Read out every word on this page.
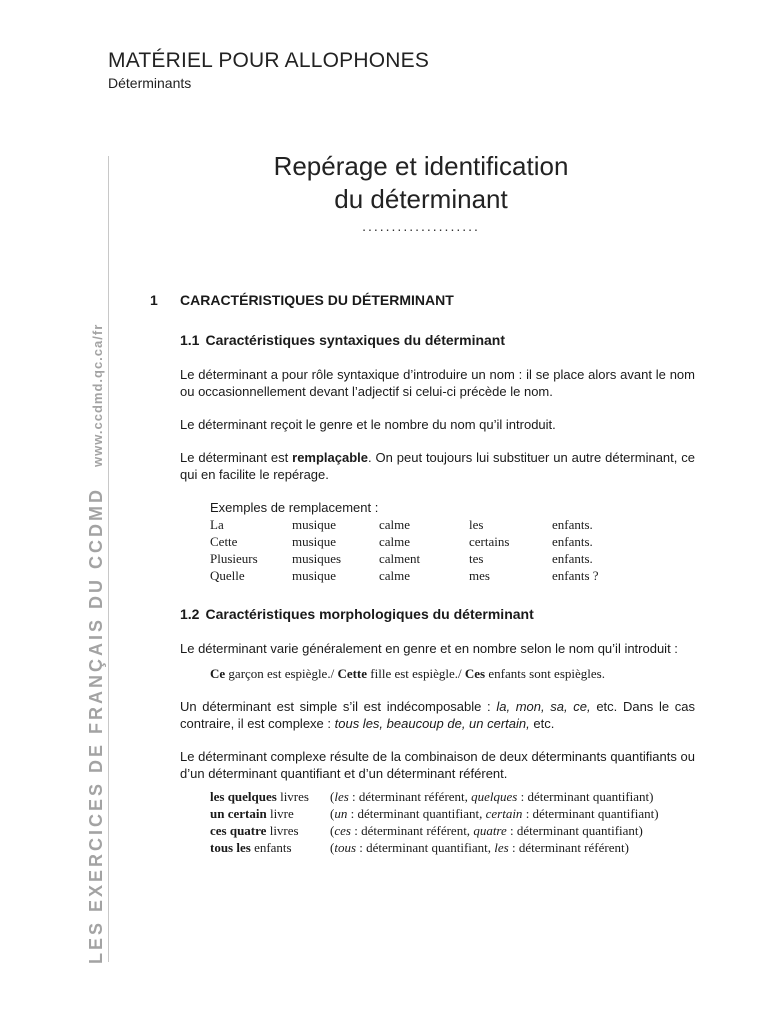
MATÉRIEL POUR ALLOPHONES
Déterminants
LES EXERCICES DE FRANÇAIS DU CCDMDwww.ccdmd.qc.ca/fr
Repérage et identification
du déterminant
....................
1 CARACTÉRISTIQUES DU DÉTERMINANT
1.1 Caractéristiques syntaxiques du déterminant
Le déterminant a pour rôle syntaxique d’introduire un nom : il se place alors avant le nom ou occasionnellement devant l’adjectif si celui-ci précède le nom.
Le déterminant reçoit le genre et le nombre du nom qu’il introduit.
Le déterminant est remplaçable. On peut toujours lui substituer un autre déterminant, ce qui en facilite le repérage.
Exemples de remplacement :
La	musique	calme	les	enfants.
Cette	musique	calme	certains	enfants.
Plusieurs	musiques	calment	tes	enfants.
Quelle	musique	calme	mes	enfants ?
1.2 Caractéristiques morphologiques du déterminant
Le déterminant varie généralement en genre et en nombre selon le nom qu’il introduit :
Ce garçon est espiègle./ Cette fille est espiègle./ Ces enfants sont espiègles.
Un déterminant est simple s’il est indécomposable : la, mon, sa, ce, etc. Dans le cas contraire, il est complexe : tous les, beaucoup de, un certain, etc.
Le déterminant complexe résulte de la combinaison de deux déterminants quantifiants ou d’un déterminant quantifiant et d’un déterminant référent.
les quelques livres	(les : déterminant référent, quelques : déterminant quantifiant)
un certain livre	(un : déterminant quantifiant, certain : déterminant quantifiant)
ces quatre livres	(ces : déterminant référent, quatre : déterminant quantifiant)
tous les enfants	(tous : déterminant quantifiant, les : déterminant référent)
